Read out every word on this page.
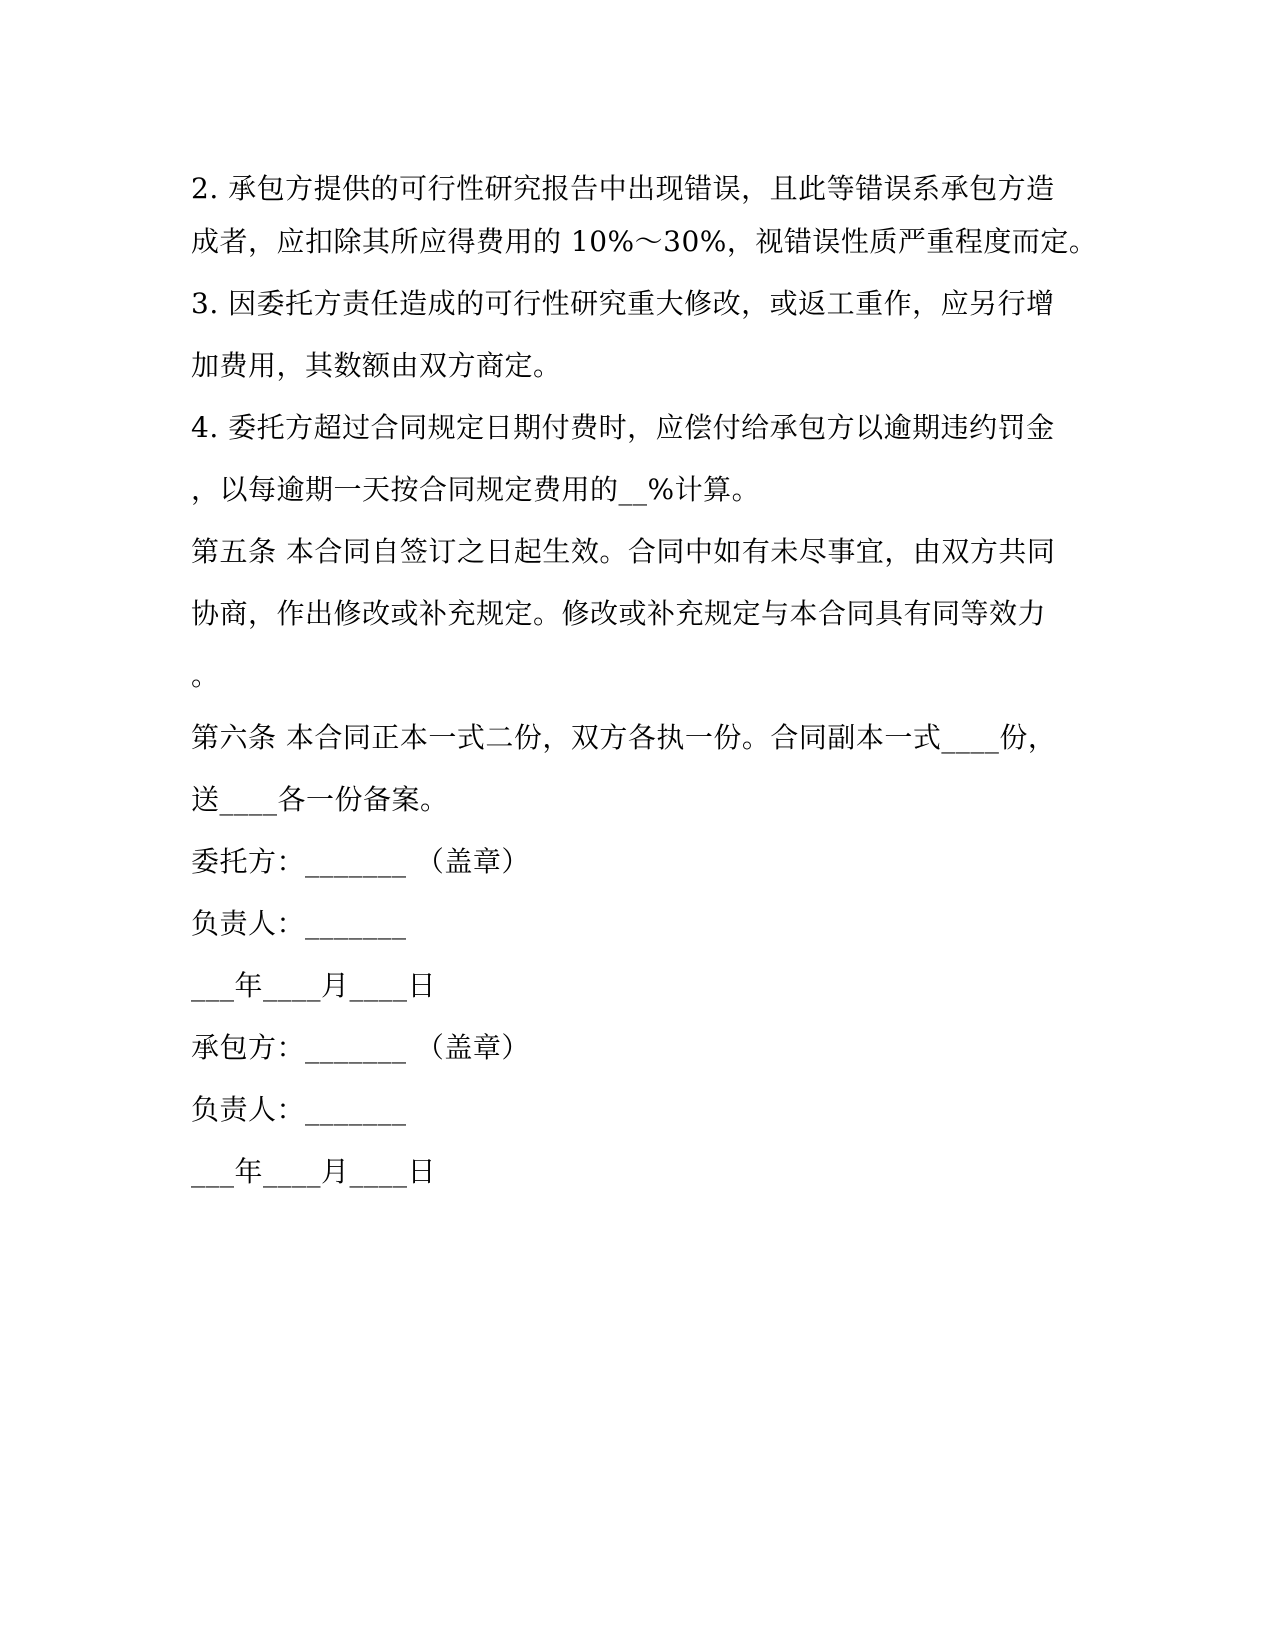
2. 承包方提供的可行性研究报告中出现错误，且此等错误系承包方造
成者，应扣除其所应得费用的 10%～30%，视错误性质严重程度而定。
3. 因委托方责任造成的可行性研究重大修改，或返工重作，应另行增
加费用，其数额由双方商定。
4. 委托方超过合同规定日期付费时，应偿付给承包方以逾期违约罚金
，以每逾期一天按合同规定费用的__%计算。
第五条 本合同自签订之日起生效。合同中如有未尽事宜，由双方共同
协商，作出修改或补充规定。修改或补充规定与本合同具有同等效力
。
第六条 本合同正本一式二份，双方各执一份。合同副本一式____份，
送____各一份备案。
委托方：_______ （盖章）
负责人：_______
___年____月____日
承包方：_______ （盖章）
负责人：_______
___年____月____日
